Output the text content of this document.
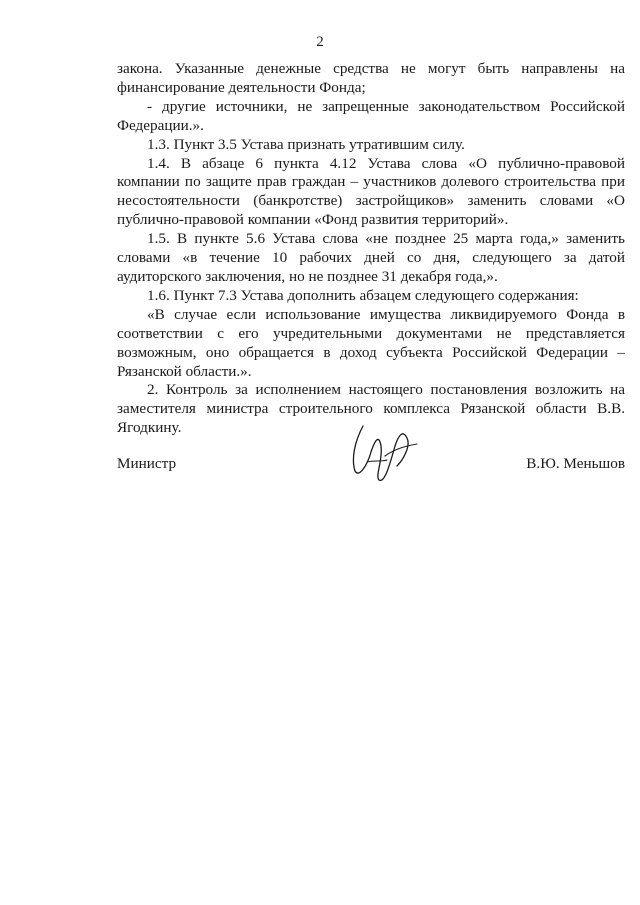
2

закона. Указанные денежные средства не могут быть направлены на финансирование деятельности Фонда;

- другие источники, не запрещенные законодательством Российской Федерации.».

1.3. Пункт 3.5 Устава признать утратившим силу.

1.4. В абзаце 6 пункта 4.12 Устава слова «О публично-правовой компании по защите прав граждан – участников долевого строительства при несостоятельности (банкротстве) застройщиков» заменить словами «О публично-правовой компании «Фонд развития территорий».

1.5. В пункте 5.6 Устава слова «не позднее 25 марта года,» заменить словами «в течение 10 рабочих дней со дня, следующего за датой аудиторского заключения, но не позднее 31 декабря года,».

1.6. Пункт 7.3 Устава дополнить абзацем следующего содержания:

«В случае если использование имущества ликвидируемого Фонда в соответствии с его учредительными документами не представляется возможным, оно обращается в доход субъекта Российской Федерации – Рязанской области.».

2. Контроль за исполнением настоящего постановления возложить на заместителя министра строительного комплекса Рязанской области В.В. Ягодкину.

Министр	В.Ю. Меньшов
